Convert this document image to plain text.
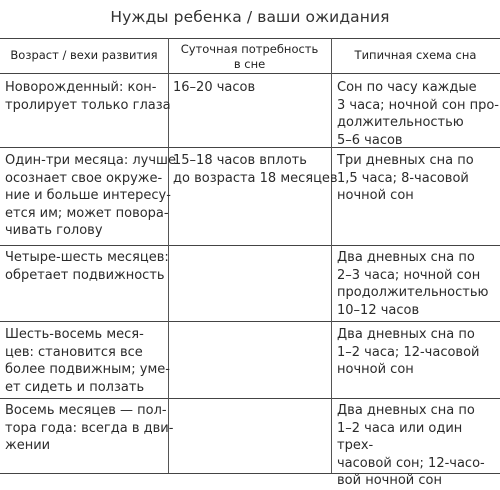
Нужды ребенка / ваши ожидания
Возраст / вехи развития	Суточная потребность
в сне
Типичная схема сна
Новорожденный: кон-
тролирует только глаза
16–20 часов	Сон по часу каждые
3 часа; ночной сон про-
должительностью
5–6 часов
Один-три месяца: лучше
осознает свое окруже-
ние и больше интересу-
ется им; может повора-
чивать голову
15–18 часов вплоть
до возраста 18 месяцев
Три дневных сна по
1,5 часа; 8-часовой
ночной сон
Четыре-шесть месяцев:
обретает подвижность
Два дневных сна по
2–3 часа; ночной сон
продолжительностью
10–12 часов
Шесть-восемь меся-
цев: становится все
более подвижным; уме-
ет сидеть и ползать
Два дневных сна по
1–2 часа; 12-часовой
ночной сон
Восемь месяцев — пол-
тора года: всегда в дви-
жении
Два дневных сна по
1–2 часа или один трех-
часовой сон; 12-часо-
вой ночной сон
